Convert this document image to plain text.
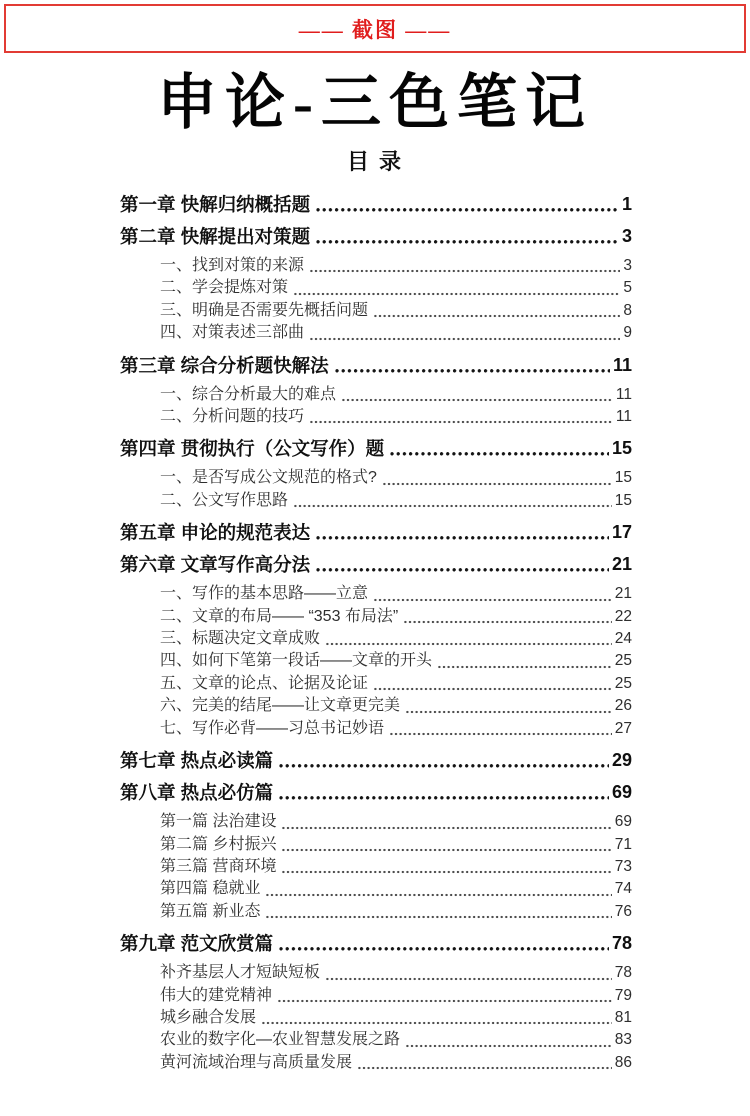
—— 截图 ——
申论-三色笔记
目 录
第一章 快解归纳概括题	1
第二章 快解提出对策题	3
一、找到对策的来源	3
二、学会提炼对策	5
三、明确是否需要先概括问题	8
四、对策表述三部曲	9
第三章 综合分析题快解法	11
一、综合分析最大的难点	11
二、分析问题的技巧	11
第四章 贯彻执行（公文写作）题	15
一、是否写成公文规范的格式?	15
二、公文写作思路	15
第五章 申论的规范表达	17
第六章 文章写作高分法	21
一、写作的基本思路——立意	21
二、文章的布局—— “353 布局法”	22
三、标题决定文章成败	24
四、如何下笔第一段话——文章的开头	25
五、文章的论点、论据及论证	25
六、完美的结尾——让文章更完美	26
七、写作必背——习总书记妙语	27
第七章 热点必读篇	29
第八章 热点必仿篇	69
第一篇 法治建设	69
第二篇 乡村振兴	71
第三篇 营商环境	73
第四篇 稳就业	74
第五篇 新业态	76
第九章 范文欣赏篇	78
补齐基层人才短缺短板	78
伟大的建党精神	79
城乡融合发展	81
农业的数字化—农业智慧发展之路	83
黄河流域治理与高质量发展	86
